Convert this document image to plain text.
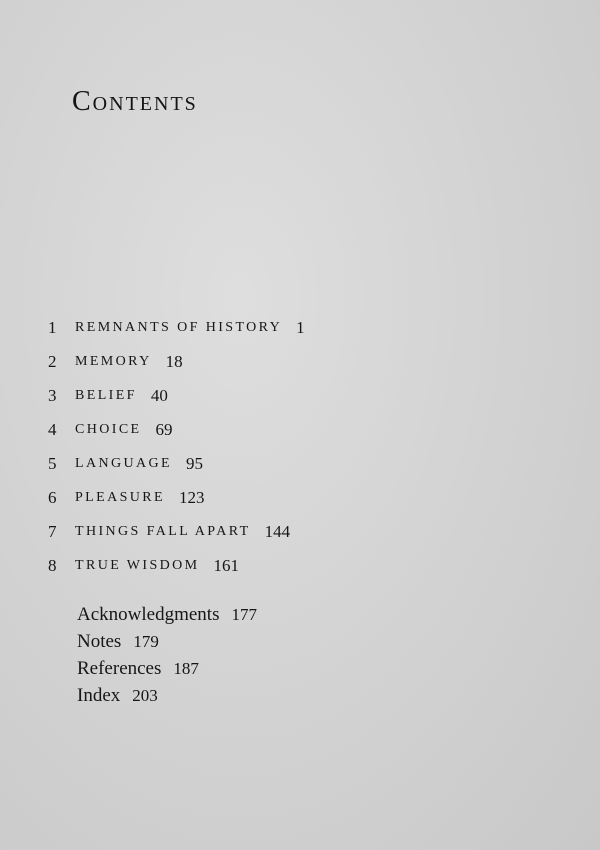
Contents
1	REMNANTS OF HISTORY 1
2	MEMORY 18
3	BELIEF 40
4	CHOICE 69
5	LANGUAGE 95
6	PLEASURE 123
7	THINGS FALL APART 144
8	TRUE WISDOM 161
Acknowledgments 177
Notes 179
References 187
Index 203
